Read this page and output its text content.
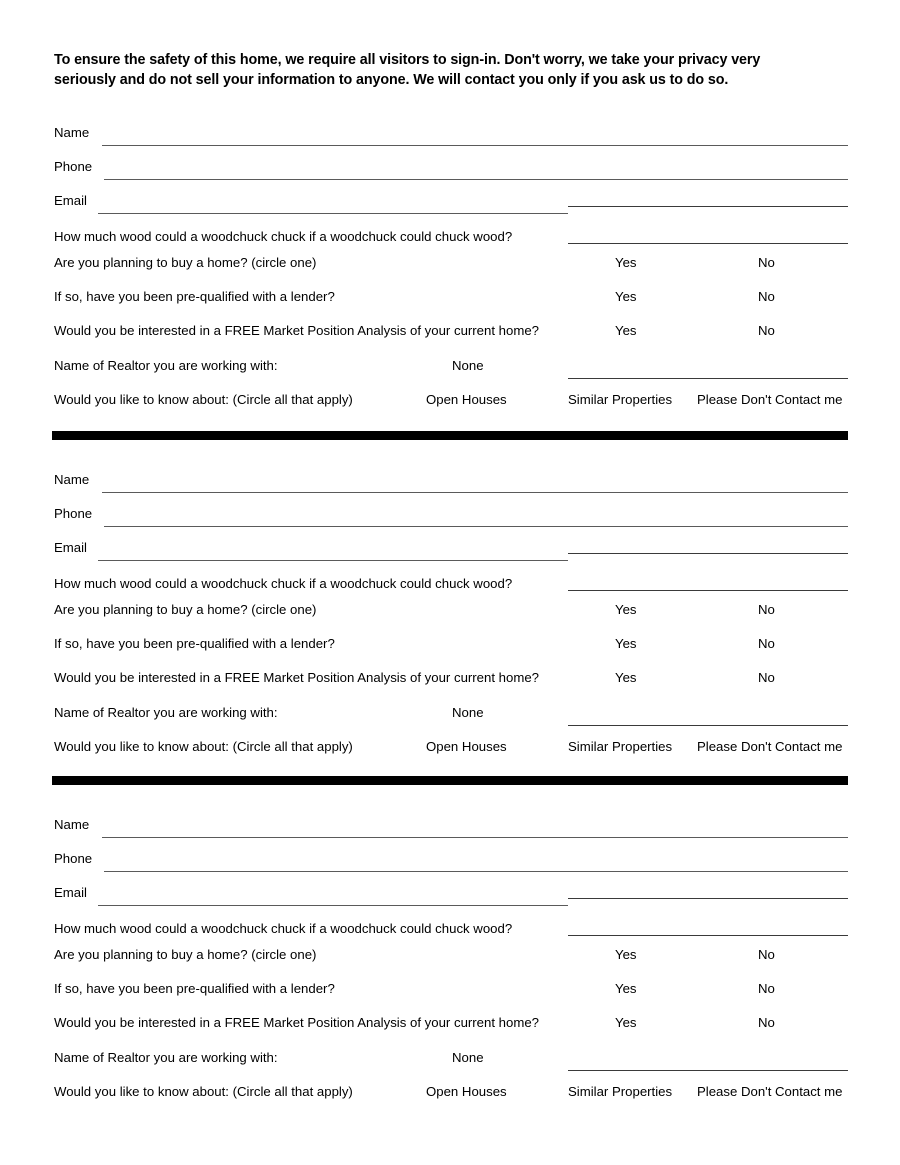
To ensure the safety of this home, we require all visitors to sign-in. Don't worry, we take your privacy very seriously and do not sell your information to anyone. We will contact you only if you ask us to do so.
Name
Phone
Email
How much wood could a woodchuck chuck if a woodchuck could chuck wood?
Are you planning to buy a home? (circle one)	Yes	No
If so, have you been pre-qualified with a lender?	Yes	No
Would you be interested in a FREE Market Position Analysis of your current home?	Yes	No
Name of Realtor you are working with:	None
Would you like to know about: (Circle all that apply)	Open Houses	Similar Properties Please Don't Contact me
Name
Phone
Email
How much wood could a woodchuck chuck if a woodchuck could chuck wood?
Are you planning to buy a home? (circle one)	Yes	No
If so, have you been pre-qualified with a lender?	Yes	No
Would you be interested in a FREE Market Position Analysis of your current home?	Yes	No
Name of Realtor you are working with:	None
Would you like to know about: (Circle all that apply)	Open Houses	Similar Properties Please Don't Contact me
Name
Phone
Email
How much wood could a woodchuck chuck if a woodchuck could chuck wood?
Are you planning to buy a home? (circle one)	Yes	No
If so, have you been pre-qualified with a lender?	Yes	No
Would you be interested in a FREE Market Position Analysis of your current home?	Yes	No
Name of Realtor you are working with:	None
Would you like to know about: (Circle all that apply)	Open Houses	Similar Properties Please Don't Contact me
